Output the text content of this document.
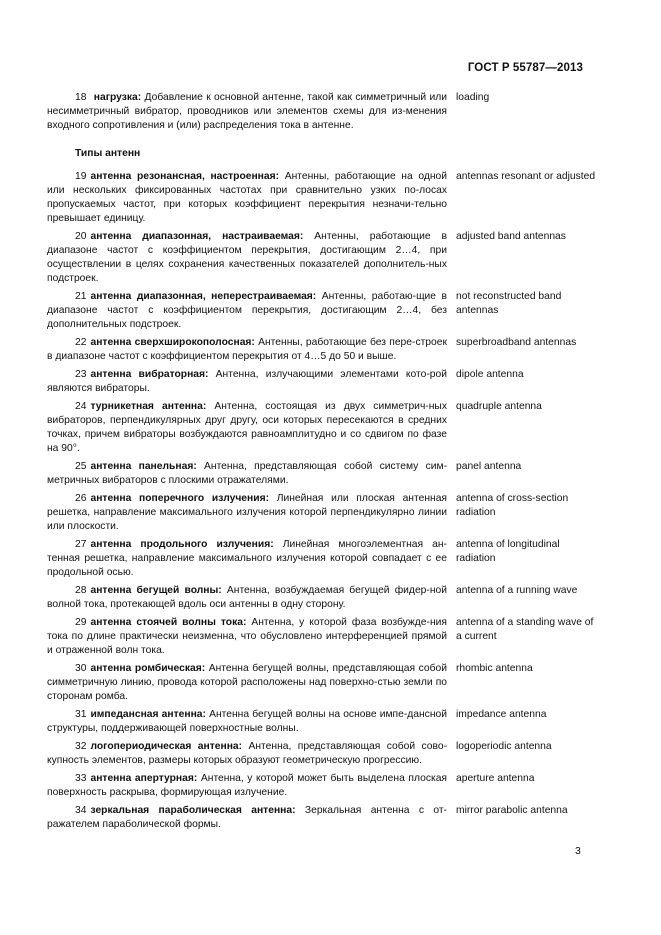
ГОСТ Р 55787—2013
18 нагрузка: Добавление к основной антенне, такой как симметричный или несимметричный вибратор, проводников или элементов схемы для из-менения входного сопротивления и (или) распределения тока в антенне.
loading
Типы антенн
19 антенна резонансная, настроенная: Антенны, работающие на одной или нескольких фиксированных частотах при сравнительно узких по-лосах пропускаемых частот, при которых коэффициент перекрытия незначи-тельно превышает единицу.
antennas resonant or adjusted
20 антенна диапазонная, настраиваемая: Антенны, работающие в диапазоне частот с коэффициентом перекрытия, достигающим 2…4, при осуществлении в целях сохранения качественных показателей дополнитель-ных подстроек.
adjusted band antennas
21 антенна диапазонная, неперестраиваемая: Антенны, работаю-щие в диапазоне частот с коэффициентом перекрытия, достигающим 2…4, без дополнительных подстроек.
not reconstructed band antennas
22 антенна сверхширокополосная: Антенны, работающие без пере-строек в диапазоне частот с коэффициентом перекрытия от 4…5 до 50 и выше.
superbroadband antennas
23 антенна вибраторная: Антенна, излучающими элементами кото-рой являются вибраторы.
dipole antenna
24 турникетная антенна: Антенна, состоящая из двух симметрич-ных вибраторов, перпендикулярных друг другу, оси которых пересекаются в средних точках, причем вибраторы возбуждаются равноамплитудно и со сдвигом по фазе на 90°.
quadruple antenna
25 антенна панельная: Антенна, представляющая собой систему сим-метричных вибраторов с плоскими отражателями.
panel antenna
26 антенна поперечного излучения: Линейная или плоская антенная решетка, направление максимального излучения которой перпендикулярно линии или плоскости.
antenna of cross-section radiation
27 антенна продольного излучения: Линейная многоэлементная ан-тенная решетка, направление максимального излучения которой совпадает с ее продольной осью.
antenna of longitudinal radiation
28 антенна бегущей волны: Антенна, возбуждаемая бегущей фидер-ной волной тока, протекающей вдоль оси антенны в одну сторону.
antenna of a running wave
29 антенна стоячей волны тока: Антенна, у которой фаза возбужде-ния тока по длине практически неизменна, что обусловлено интерференцией прямой и отраженной волн тока.
antenna of a standing wave of a current
30 антенна ромбическая: Антенна бегущей волны, представляющая собой симметричную линию, провода которой расположены над поверхно-стью земли по сторонам ромба.
rhombic antenna
31 импедансная антенна: Антенна бегущей волны на основе импе-дансной структуры, поддерживающей поверхностные волны.
impedance antenna
32 логопериодическая антенна: Антенна, представляющая собой сово-купность элементов, размеры которых образуют геометрическую прогрессию.
logoperiodic antenna
33 антенна апертурная: Антенна, у которой может быть выделена плоская поверхность раскрыва, формирующая излучение.
aperture antenna
34 зеркальная параболическая антенна: Зеркальная антенна с от-ражателем параболической формы.
mirror parabolic antenna
3
